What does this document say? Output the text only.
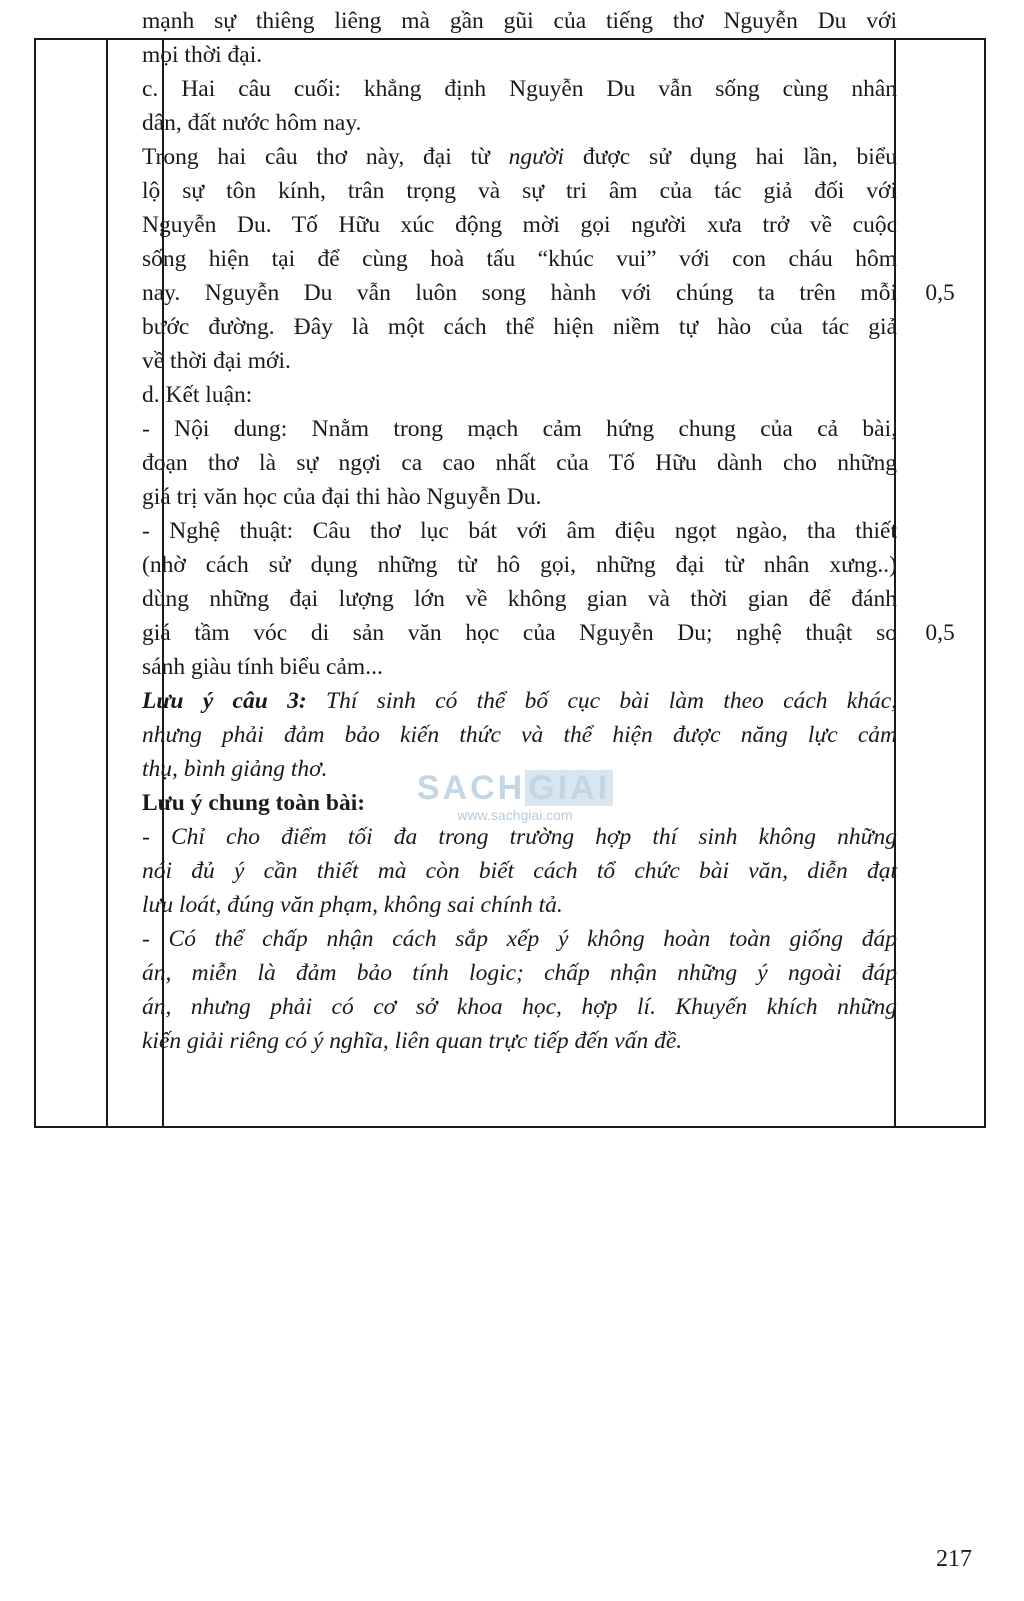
mạnh sự thiêng liêng mà gần gũi của tiếng thơ Nguyễn Du với
mọi thời đại.
c. Hai câu cuối: khẳng định Nguyễn Du vẫn sống cùng nhân
dân, đất nước hôm nay.
Trong hai câu thơ này, đại từ người được sử dụng hai lần, biểu
lộ sự tôn kính, trân trọng và sự tri âm của tác giả đối với
Nguyễn Du. Tố Hữu xúc động mời gọi người xưa trở về cuộc
sống hiện tại để cùng hoà tấu “khúc vui” với con cháu hôm
nay. Nguyễn Du vẫn luôn song hành với chúng ta trên mỗi
bước đường. Đây là một cách thể hiện niềm tự hào của tác giả
về thời đại mới.
d. Kết luận:
- Nội dung: Nnằm trong mạch cảm hứng chung của cả bài,
đoạn thơ là sự ngợi ca cao nhất của Tố Hữu dành cho những
giá trị văn học của đại thi hào Nguyễn Du.
- Nghệ thuật: Câu thơ lục bát với âm điệu ngọt ngào, tha thiết
(nhờ cách sử dụng những từ hô gọi, những đại từ nhân xưng..)
dùng những đại lượng lớn về không gian và thời gian để đánh
giá tầm vóc di sản văn học của Nguyễn Du; nghệ thuật so
sánh giàu tính biểu cảm...
Lưu ý câu 3: Thí sinh có thể bố cục bài làm theo cách khác,
nhưng phải đảm bảo kiến thức và thể hiện được năng lực cảm
thụ, bình giảng thơ.
Lưu ý chung toàn bài:
- Chỉ cho điểm tối đa trong trường hợp thí sinh không những
nói đủ ý cần thiết mà còn biết cách tổ chức bài văn, diễn đạt
lưu loát, đúng văn phạm, không sai chính tả.
- Có thể chấp nhận cách sắp xếp ý không hoàn toàn giống đáp
án, miễn là đảm bảo tính logic; chấp nhận những ý ngoài đáp
án, nhưng phải có cơ sở khoa học, hợp lí. Khuyến khích những
kiến giải riêng có ý nghĩa, liên quan trực tiếp đến vấn đề.
0,5
0,5
SACHGIAI
www.sachgiai.com
217
